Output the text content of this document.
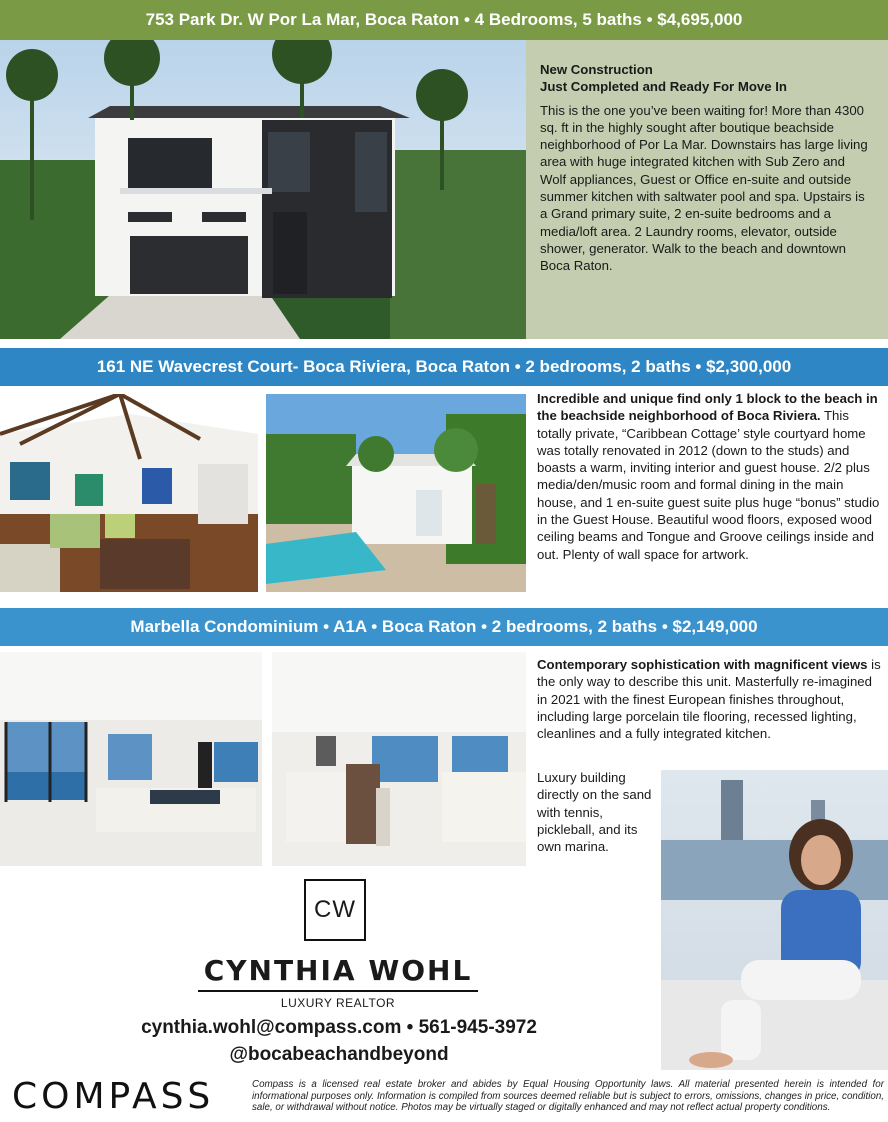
753 Park Dr. W Por La Mar, Boca Raton • 4 Bedrooms, 5 baths • $4,695,000
New Construction
Just Completed and Ready For Move In
This is the one you’ve been waiting for! More than 4300 sq. ft in the highly sought after boutique beachside neighborhood of Por La Mar. Downstairs has large living area with huge integrated kitchen with Sub Zero and Wolf appliances, Guest or Office en-suite and outside summer kitchen with saltwater pool and spa. Upstairs is a Grand primary suite, 2 en-suite bedrooms and a media/loft area. 2 Laundry rooms, elevator, outside shower, generator. Walk to the beach and downtown Boca Raton.
161 NE Wavecrest Court- Boca Riviera, Boca Raton • 2 bedrooms, 2 baths • $2,300,000
Incredible and unique find only 1 block to the beach in the beachside neighborhood of Boca Riviera. This totally private, “Caribbean Cottage’ style courtyard home was totally renovated in 2012 (down to the studs) and boasts a warm, inviting interior and guest house. 2/2 plus media/den/music room and formal dining in the main house, and 1 en-suite guest suite plus huge “bonus” studio in the Guest House. Beautiful wood floors, exposed wood ceiling beams and Tongue and Groove ceilings inside and out. Plenty of wall space for artwork.
Marbella Condominium • A1A • Boca Raton • 2 bedrooms, 2 baths • $2,149,000
Contemporary sophistication with magnificent views is the only way to describe this unit. Masterfully re-imagined in 2021 with the finest European finishes throughout, including large porcelain tile flooring, recessed lighting, cleanlines and a fully integrated kitchen.
Luxury building directly on the sand with tennis, pickleball, and its own marina.
CW
CYNTHIA WOHL
LUXURY REALTOR
cynthia.wohl@compass.com • 561-945-3972
@bocabeachandbeyond
COMPASS	Compass is a licensed real estate broker and abides by Equal Housing Opportunity laws. All material presented herein is intended for informational purposes only. Information is compiled from sources deemed reliable but is subject to errors, omissions, changes in price, condition, sale, or withdrawal without notice. Photos may be virtually staged or digitally enhanced and may not reflect actual property conditions.
